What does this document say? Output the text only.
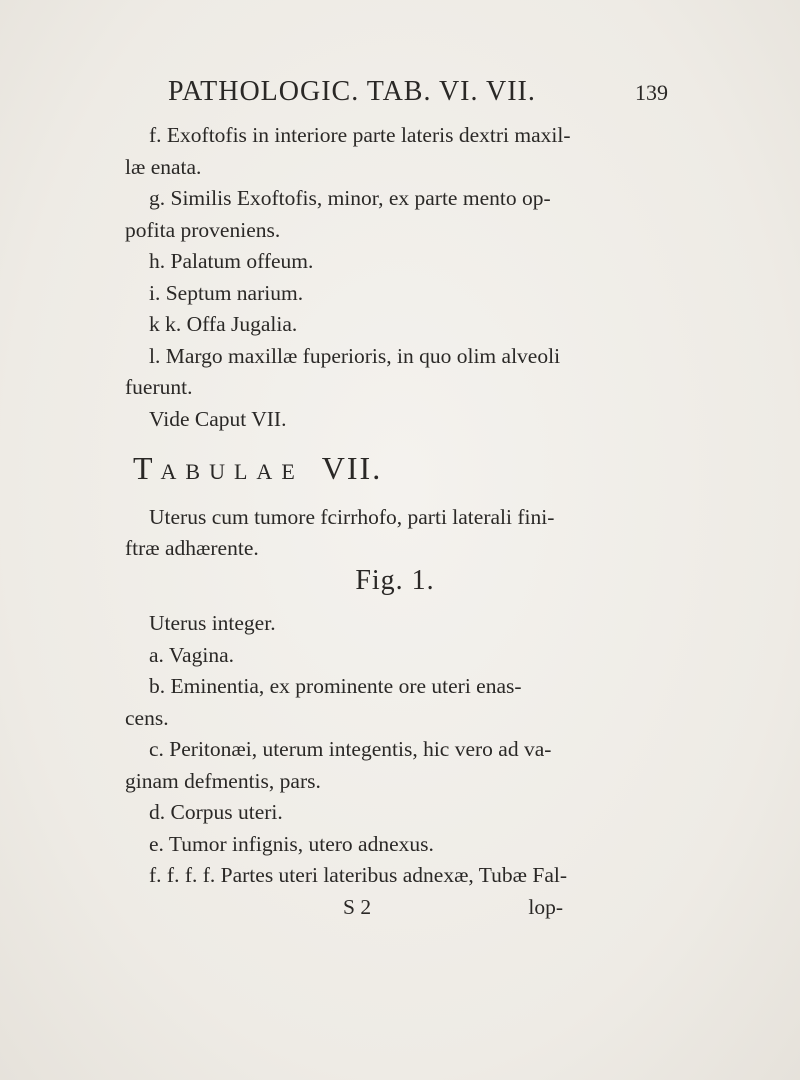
PATHOLOGIC. TAB. VI. VII.	139

f. Exoftofis in interiore parte lateris dextri maxil-

læ enata.

g. Similis Exoftofis, minor, ex parte mento op-

pofita proveniens.

h. Palatum offeum.

i. Septum narium.

k k. Offa Jugalia.

l. Margo maxillæ fuperioris, in quo olim alveoli

fuerunt.

Vide Caput VII.

TABULAE VII.

Uterus cum tumore fcirrhofo, parti laterali fini-

ftræ adhærente.

Fig. 1.

Uterus integer.

a. Vagina.

b. Eminentia, ex prominente ore uteri enas-

cens.

c. Peritonæi, uterum integentis, hic vero ad va-

ginam defmentis, pars.

d. Corpus uteri.

e. Tumor infignis, utero adnexus.

f. f. f. f. Partes uteri lateribus adnexæ, Tubæ Fal-

S 2	lop-
